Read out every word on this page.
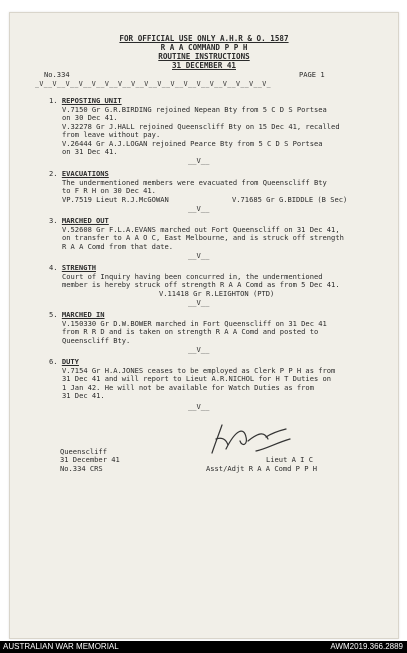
FOR OFFICIAL USE ONLY A.H.R & O. 1587
R A A COMMAND P P H
ROUTINE INSTRUCTIONS
31 DECEMBER 41
No.334	PAGE 1
_V__V__V__V__V__V__V__V__V__V__V__V__V__V__V__V__V__V_
1. REPOSTING UNIT
V.7150 Gr G.R.BIRDING rejoined Nepean Bty from 5 C D S Portsea
on 30 Dec 41.
V.32278 Gr J.HALL rejoined Queenscliff Bty on 15 Dec 41, recalled
from leave without pay.
V.26444 Gr A.J.LOGAN rejoined Pearce Bty from 5 C D S Portsea
on 31 Dec 41.
__V__
2. EVACUATIONS
The undermentioned members were evacuated from Queenscliff Bty
to F R H on 30 Dec 41.
VP.7519 Lieut R.J.McGOWAN	V.71685 Gr G.BIDDLE (B Sec)
__V__
3. MARCHED OUT
V.52608 Gr F.L.A.EVANS marched out Fort Queenscliff on 31 Dec 41,
on transfer to A A O C, East Melbourne, and is struck off strength
R A A Comd from that date.
__V__
4. STRENGTH
Court of Inquiry having been concurred in, the undermentioned
member is hereby struck off strength R A A Comd as from 5 Dec 41.
V.11418 Gr R.LEIGHTON (PTD)
__V__
5. MARCHED IN
V.150330 Gr D.W.BOWER marched in Fort Queenscliff on 31 Dec 41
from R R D and is taken on strength R A A Comd and posted to
Queenscliff Bty.
__V__
6. DUTY
V.7154 Gr H.A.JONES ceases to be employed as Clerk P P H as from
31 Dec 41 and will report to Lieut A.R.NICHOL for H T Duties on
1 Jan 42. He will not be available for Watch Duties as from
31 Dec 41.
__V__
Queenscliff
31 December 41
No.334 CRS
Lieut A I C
Asst/Adjt R A A Comd P P H
AUSTRALIAN WAR MEMORIAL	AWM2019.366.2889
